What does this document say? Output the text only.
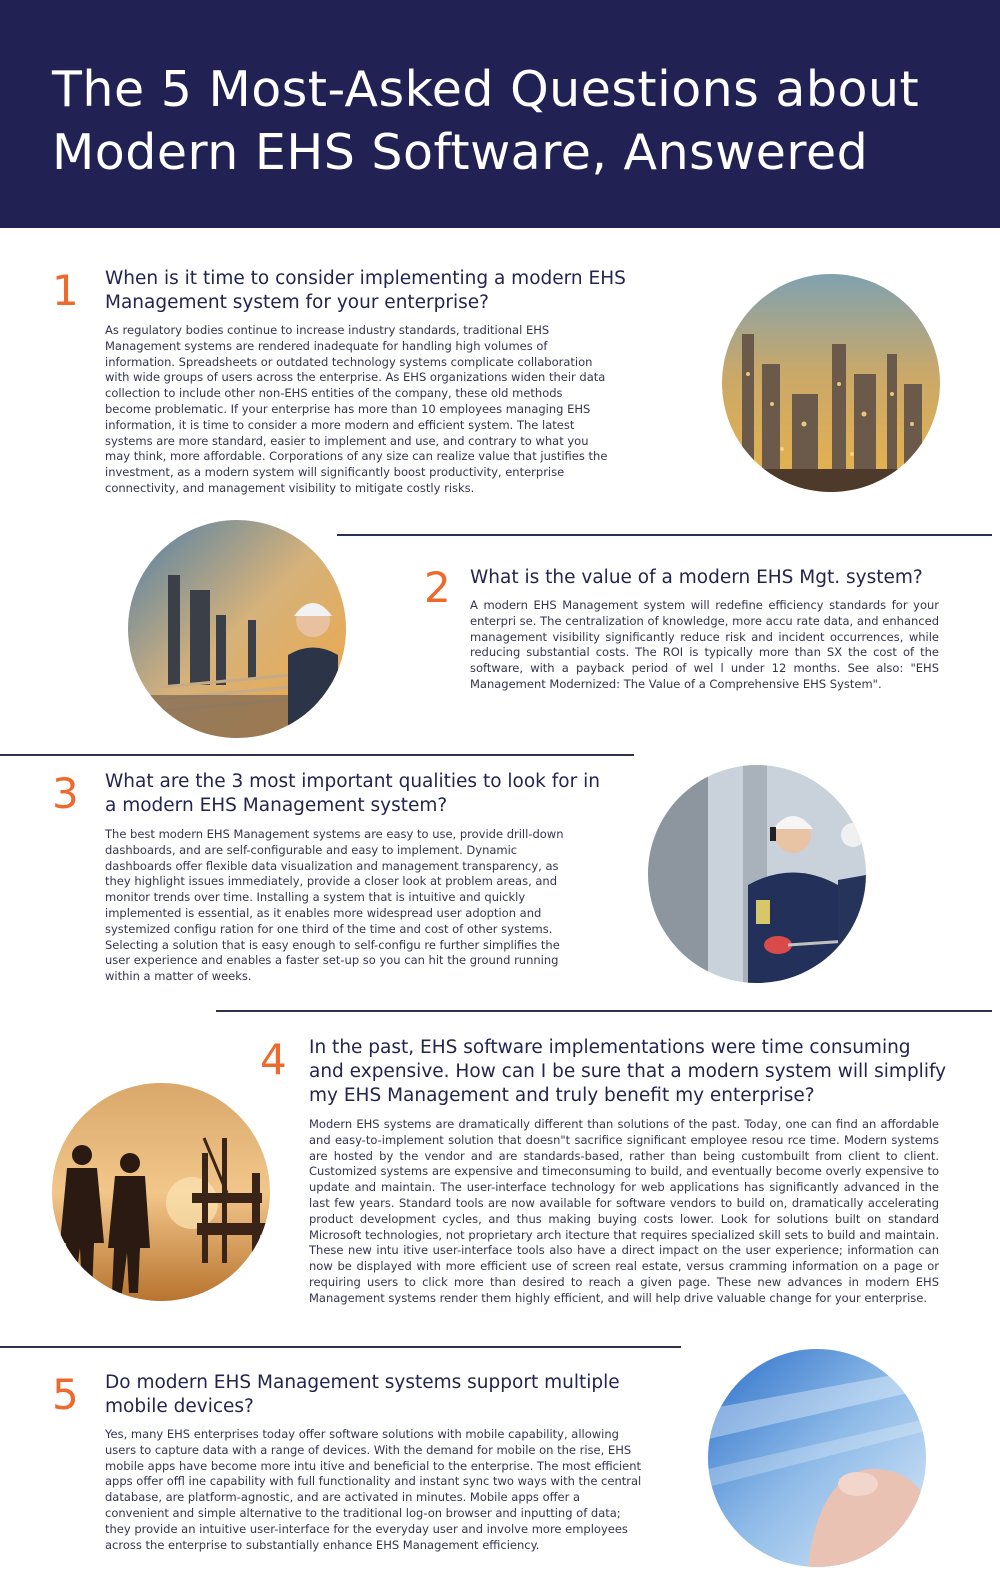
The 5 Most-Asked Questions about Modern EHS Software, Answered
1 When is it time to consider implementing a modern EHS Management system for your enterprise?
As regulatory bodies continue to increase industry standards, traditional EHS Management systems are rendered inadequate for handling high volumes of information. Spreadsheets or outdated technology systems complicate collaboration with wide groups of users across the enterprise. As EHS organizations widen their data collection to include other non-EHS entities of the company, these old methods become problematic. If your enterprise has more than 10 employees managing EHS information, it is time to consider a more modern and efficient system. The latest systems are more standard, easier to implement and use, and contrary to what you may think, more affordable. Corporations of any size can realize value that justifies the investment, as a modern system will significantly boost productivity, enterprise connectivity, and management visibility to mitigate costly risks.
2 What is the value of a modern EHS Mgt. system?
A modern EHS Management system will redefine efficiency standards for your enterpri se. The centralization of knowledge, more accu rate data, and enhanced management visibility significantly reduce risk and incident occurrences, while reducing substantial costs. The ROI is typically more than SX the cost of the software, with a payback period of wel l under 12 months. See also: "EHS Management Modernized: The Value of a Comprehensive EHS System".
3 What are the 3 most important qualities to look for in a modern EHS Management system?
The best modern EHS Management systems are easy to use, provide drill-down dashboards, and are self-configurable and easy to implement. Dynamic dashboards offer flexible data visualization and management transparency, as they highlight issues immediately, provide a closer look at problem areas, and monitor trends over time. Installing a system that is intuitive and quickly implemented is essential, as it enables more widespread user adoption and systemized configu ration for one third of the time and cost of other systems. Selecting a solution that is easy enough to self-configu re further simplifies the user experience and enables a faster set-up so you can hit the ground running within a matter of weeks.
4 In the past, EHS software implementations were time consuming and expensive. How can I be sure that a modern system will simplify my EHS Management and truly benefit my enterprise?
Modern EHS systems are dramatically different than solutions of the past. Today, one can find an affordable and easy-to-implement solution that doesn"t sacrifice significant employee resou rce time. Modern systems are hosted by the vendor and are standards-based, rather than being custombuilt from client to client. Customized systems are expensive and timeconsuming to build, and eventually become overly expensive to update and maintain. The user-interface technology for web applications has significantly advanced in the last few years. Standard tools are now available for software vendors to build on, dramatically accelerating product development cycles, and thus making buying costs lower. Look for solutions built on standard Microsoft technologies, not proprietary arch itecture that requires specialized skill sets to build and maintain. These new intu itive user-interface tools also have a direct impact on the user experience; information can now be displayed with more efficient use of screen real estate, versus cramming information on a page or requiring users to click more than desired to reach a given page. These new advances in modern EHS Management systems render them highly efficient, and will help drive valuable change for your enterprise.
5 Do modern EHS Management systems support multiple mobile devices?
Yes, many EHS enterprises today offer software solutions with mobile capability, allowing users to capture data with a range of devices. With the demand for mobile on the rise, EHS mobile apps have become more intu itive and beneficial to the enterprise. The most efficient apps offer offl ine capability with full functionality and instant sync two ways with the central database, are platform-agnostic, and are activated in minutes. Mobile apps offer a convenient and simple alternative to the traditional log-on browser and inputting of data; they provide an intuitive user-interface for the everyday user and involve more employees across the enterprise to substantially enhance EHS Management efficiency.
